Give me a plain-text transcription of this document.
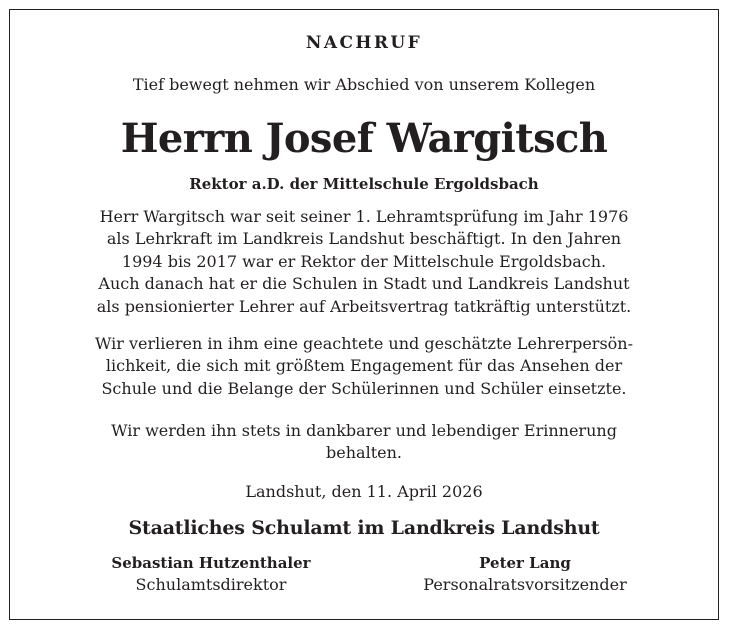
NACHRUF
Tief bewegt nehmen wir Abschied von unserem Kollegen
Herrn Josef Wargitsch
Rektor a.D. der Mittelschule Ergoldsbach
Herr Wargitsch war seit seiner 1. Lehramtsprüfung im Jahr 1976
als Lehrkraft im Landkreis Landshut beschäftigt. In den Jahren
1994 bis 2017 war er Rektor der Mittelschule Ergoldsbach.
Auch danach hat er die Schulen in Stadt und Landkreis Landshut
als pensionierter Lehrer auf Arbeitsvertrag tatkräftig unterstützt.
Wir verlieren in ihm eine geachtete und geschätzte Lehrerpersön-
lichkeit, die sich mit größtem Engagement für das Ansehen der
Schule und die Belange der Schülerinnen und Schüler einsetzte.
Wir werden ihn stets in dankbarer und lebendiger Erinnerung
behalten.
Landshut, den 11. April 2026
Staatliches Schulamt im Landkreis Landshut
Sebastian Hutzenthaler
Schulamtsdirektor
Peter Lang
Personalratsvorsitzender
